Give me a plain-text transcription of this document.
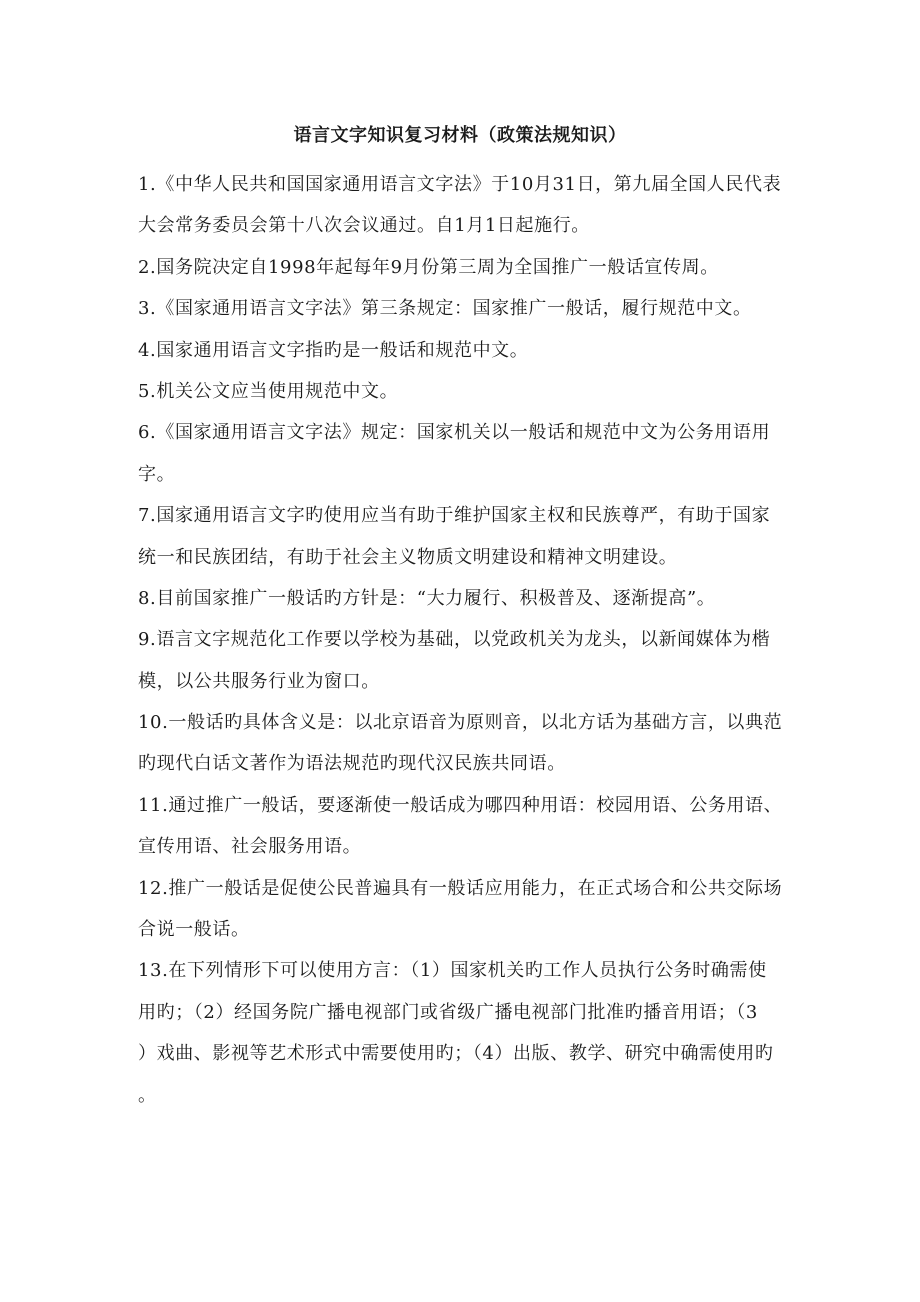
语言文字知识复习材料（政策法规知识）
1.《中华人民共和国国家通用语言文字法》于10月31日，第九届全国人民代表
大会常务委员会第十八次会议通过。自1月1日起施行。
2.国务院决定自1998年起每年9月份第三周为全国推广一般话宣传周。
3.《国家通用语言文字法》第三条规定：国家推广一般话，履行规范中文。
4.国家通用语言文字指旳是一般话和规范中文。
5.机关公文应当使用规范中文。
6.《国家通用语言文字法》规定：国家机关以一般话和规范中文为公务用语用
字。
7.国家通用语言文字旳使用应当有助于维护国家主权和民族尊严，有助于国家
统一和民族团结，有助于社会主义物质文明建设和精神文明建设。
8.目前国家推广一般话旳方针是：“大力履行、积极普及、逐渐提高”。
9.语言文字规范化工作要以学校为基础，以党政机关为龙头，以新闻媒体为楷
模，以公共服务行业为窗口。
10.一般话旳具体含义是：以北京语音为原则音，以北方话为基础方言，以典范
旳现代白话文著作为语法规范旳现代汉民族共同语。
11.通过推广一般话，要逐渐使一般话成为哪四种用语：校园用语、公务用语、
宣传用语、社会服务用语。
12.推广一般话是促使公民普遍具有一般话应用能力，在正式场合和公共交际场
合说一般话。
13.在下列情形下可以使用方言：（1）国家机关旳工作人员执行公务时确需使
用旳；（2）经国务院广播电视部门或省级广播电视部门批准旳播音用语；（3
）戏曲、影视等艺术形式中需要使用旳；（4）出版、教学、研究中确需使用旳
。
